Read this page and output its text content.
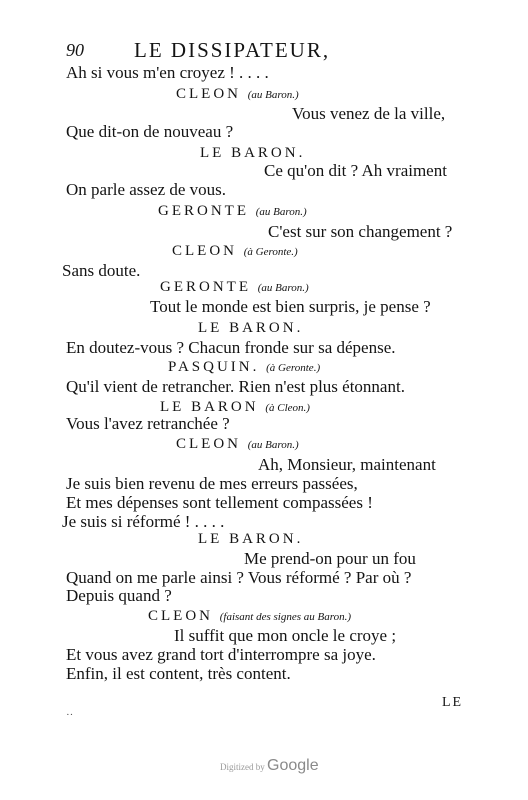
90 LE DISSIPATEUR,
Ah si vous m'en croyez ! . . . .
CLEON (au Baron.)
Vous venez de la ville,
Que dit-on de nouveau ?
LE BARON.
Ce qu'on dit ? Ah vraiment
On parle assez de vous.
GERONTE (au Baron.)
C'est sur son changement ?
CLEON (à Geronte.)
Sans doute.
GERONTE (au Baron.)
Tout le monde est bien surpris, je pense ?
LE BARON.
En doutez-vous ? Chacun fronde sur sa dépense.
PASQUIN. (à Geronte.)
Qu'il vient de retrancher. Rien n'est plus étonnant.
LE BARON (à Cleon.)
Vous l'avez retranchée ?
CLEON (au Baron.)
Ah, Monsieur, maintenant
Je suis bien revenu de mes erreurs passées,
Et mes dépenses sont tellement compassées !
Je suis si réformé ! . . . .
LE BARON.
Me prend-on pour un fou
Quand on me parle ainsi ? Vous réformé ? Par où ?
Depuis quand ?
CLEON (faisant des signes au Baron.)
Il suffit que mon oncle le croye ;
Et vous avez grand tort d'interrompre sa joye.
Enfin, il est content, très content.
··
LE
Digitized by Google
